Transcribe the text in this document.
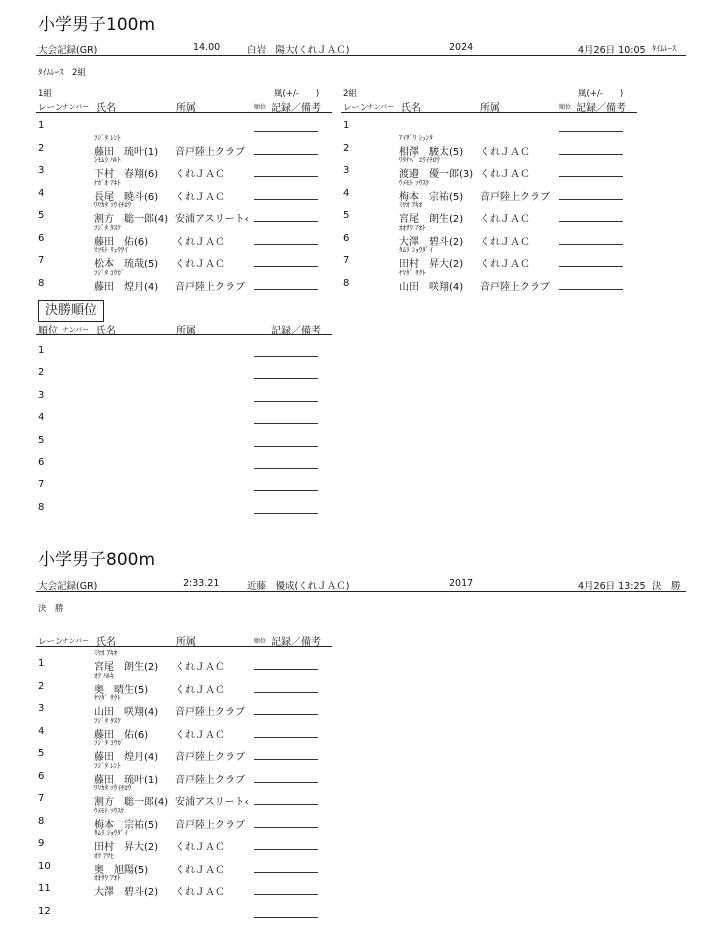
小学男子100m
大会記録(GR)	14.00	白岩　陽大(くれＪＡＣ)	2024	4月26日 10:05 ﾀｲﾑﾚｰｽ
ﾀｲﾑﾚｰｽ　2組
1組	風(+/-　　)
レーン
ナンバー 氏名	所属	順位 記録／備考
2組	風(+/-　　)
レーン
ナンバー 氏名	所属	順位 記録／備考
1
2
ﾌｼﾞﾀ ﾚﾝﾄ
藤田　琉叶(1) 音戸陸上クラブ
3
ｼﾓﾑﾗ ﾊﾙﾄ
下村　春翔(6) くれＪＡＣ
4
ﾅｶﾞｵ ｱｷﾄ
長尾　暁斗(6) くれＪＡＣ
5
ﾜﾘｶﾀ ｿｳｲﾁﾛｳ
割方　聡一郎(4) 安浦アスリート‹
6
ﾌｼﾞﾀ ﾀｽｸ
藤田　佑(6)	くれＪＡＣ
7
ﾏﾂﾓﾄ ﾘｭｳｻｲ
松本　琉哉(5) くれＪＡＣ
8
ﾌｼﾞﾀ ｺｳｶﾞ
藤田　煌月(4) 音戸陸上クラブ
1
2
ｱｲｻﾞﾜ ｼｭﾝﾀ
相澤　駿太(5) くれＪＡＣ
3
ﾜﾀﾅﾍﾞ ﾕｳｲﾁﾛｳ
渡邉　優一郎(3) くれＪＡＣ
4
ｳﾒﾓﾄ ｿｳｽｹ
梅本　宗祐(5) 音戸陸上クラブ
5
ﾐﾔｵ ｱｷｵ
宮尾　朗生(2) くれＪＡＣ
6
ｵｵｻﾜ ｱｵﾄ
大澤　碧斗(2) くれＪＡＣ
7
ﾀﾑﾗ ｼｮｳﾀﾞｲ
田村　昇大(2) くれＪＡＣ
8
ﾔﾏﾀﾞ ｻｸﾄ
山田　咲翔(4) 音戸陸上クラブ
決勝順位
順位 ナンバー 氏名	所属	記録／備考
1
2
3
4
5
6
7
8
小学男子800m
大会記録(GR)	2:33.21	近藤　優成(くれＪＡＣ)	2017	4月26日 13:25 決　勝
決　勝
レーン
ナンバー 氏名	所属	順位 記録／備考
1
ﾐﾔｵ ｱｷｵ
宮尾　朗生(2) くれＪＡＣ
2
ｵｸ ﾊﾙｷ
奥　晴生(5)	くれＪＡＣ
3
ﾔﾏﾀﾞ ｻｸﾄ
山田　咲翔(4) 音戸陸上クラブ
4
ﾌｼﾞﾀ ﾀｽｸ
藤田　佑(6)	くれＪＡＣ
5
ﾌｼﾞﾀ ｺｳｶﾞ
藤田　煌月(4) 音戸陸上クラブ
6
ﾌｼﾞﾀ ﾚﾝﾄ
藤田　琉叶(1) 音戸陸上クラブ
7
ﾜﾘｶﾀ ｿｳｲﾁﾛｳ
割方　聡一郎(4) 安浦アスリート‹
8
ｳﾒﾓﾄ ｿｳｽｹ
梅本　宗祐(5) 音戸陸上クラブ
9
ﾀﾑﾗ ｼｮｳﾀﾞｲ
田村　昇大(2) くれＪＡＣ
10
ｵｸ ｱｻﾋ
奥　旭陽(5)	くれＪＡＣ
11
ｵｵｻﾜ ｱｵﾄ
大澤　碧斗(2) くれＪＡＣ
12
